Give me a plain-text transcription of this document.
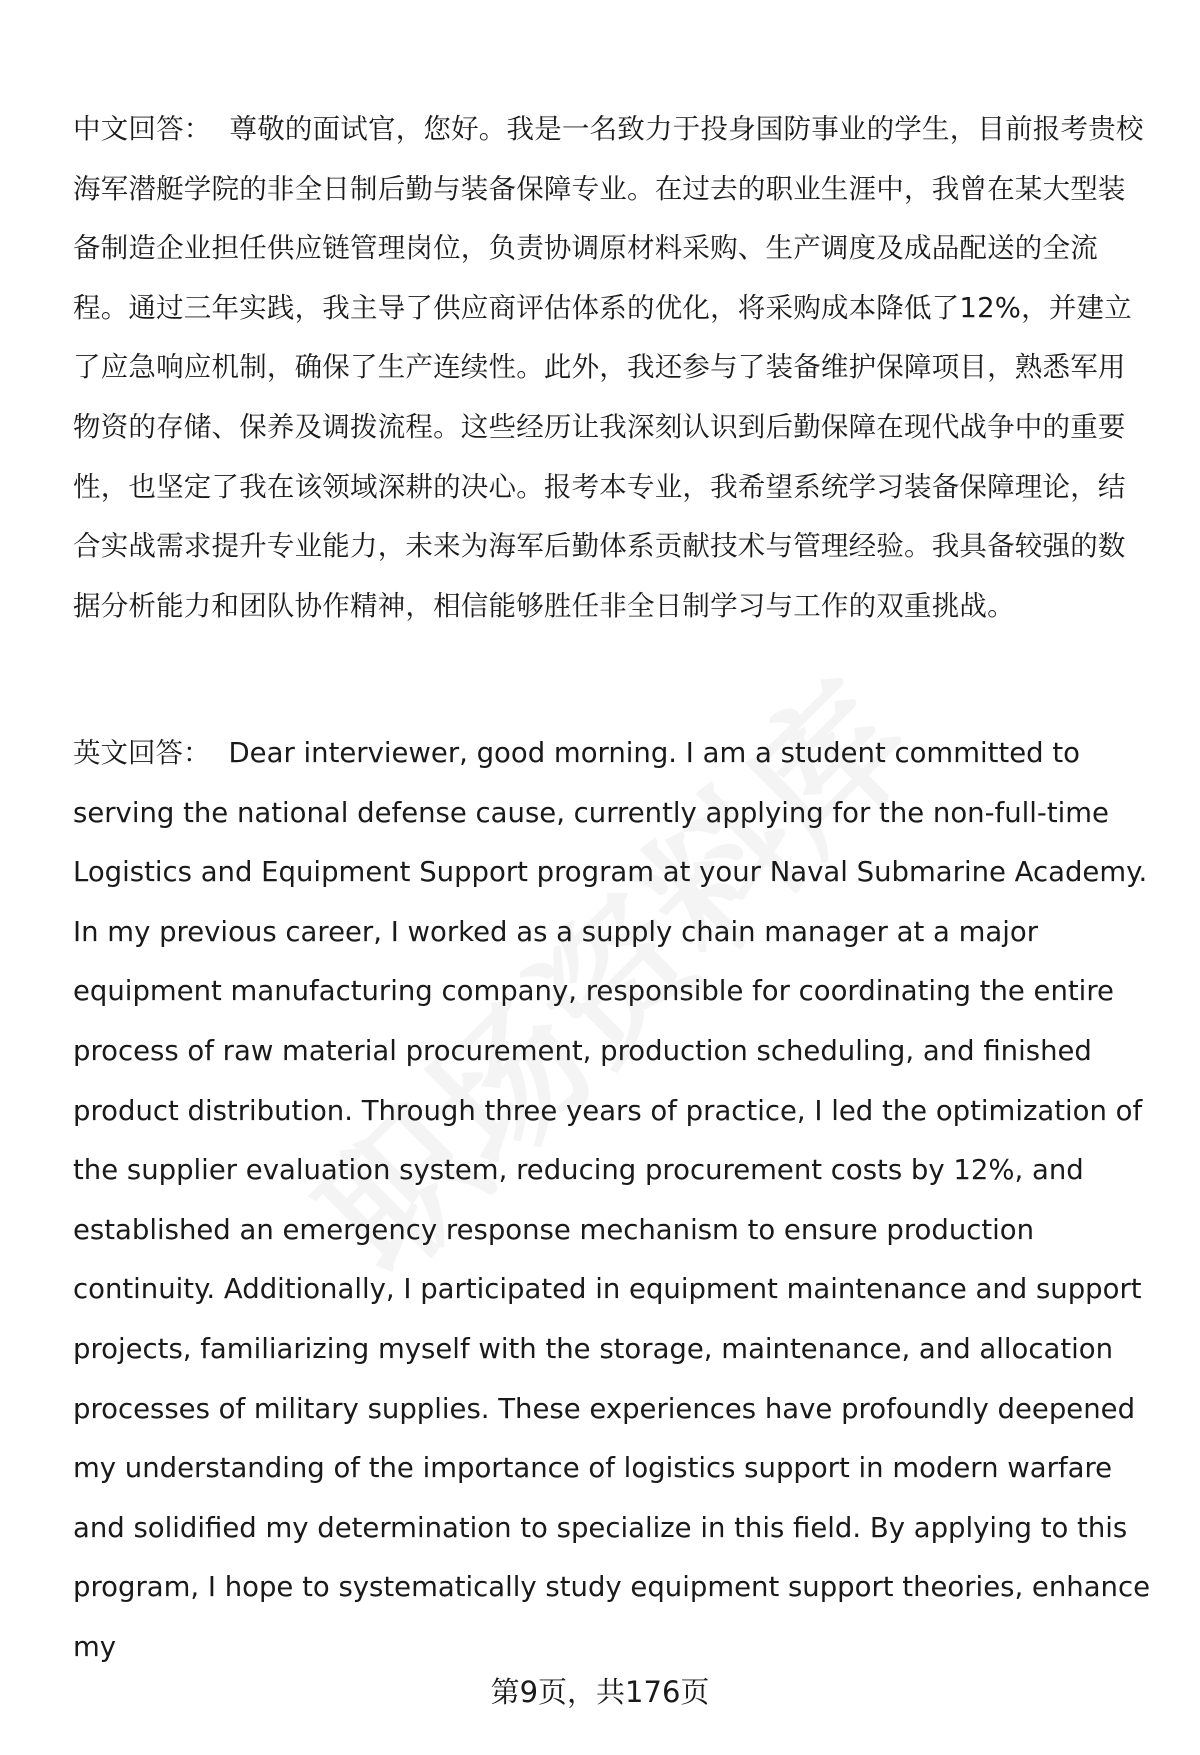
中文回答： 尊敬的面试官，您好。我是一名致力于投身国防事业的学生，目前报考贵校海军潜艇学院的非全日制后勤与装备保障专业。在过去的职业生涯中，我曾在某大型装备制造企业担任供应链管理岗位，负责协调原材料采购、生产调度及成品配送的全流程。通过三年实践，我主导了供应商评估体系的优化，将采购成本降低了12%，并建立了应急响应机制，确保了生产连续性。此外，我还参与了装备维护保障项目，熟悉军用物资的存储、保养及调拨流程。这些经历让我深刻认识到后勤保障在现代战争中的重要性，也坚定了我在该领域深耕的决心。报考本专业，我希望系统学习装备保障理论，结合实战需求提升专业能力，未来为海军后勤体系贡献技术与管理经验。我具备较强的数据分析能力和团队协作精神，相信能够胜任非全日制学习与工作的双重挑战。

英文回答： Dear interviewer, good morning. I am a student committed to serving the national defense cause, currently applying for the non-full-time Logistics and Equipment Support program at your Naval Submarine Academy. In my previous career, I worked as a supply chain manager at a major equipment manufacturing company, responsible for coordinating the entire process of raw material procurement, production scheduling, and finished product distribution. Through three years of practice, I led the optimization of the supplier evaluation system, reducing procurement costs by 12%, and established an emergency response mechanism to ensure production continuity. Additionally, I participated in equipment maintenance and support projects, familiarizing myself with the storage, maintenance, and allocation processes of military supplies. These experiences have profoundly deepened my understanding of the importance of logistics support in modern warfare and solidified my determination to specialize in this field. By applying to this program, I hope to systematically study equipment support theories, enhance my

第9页，共176页
